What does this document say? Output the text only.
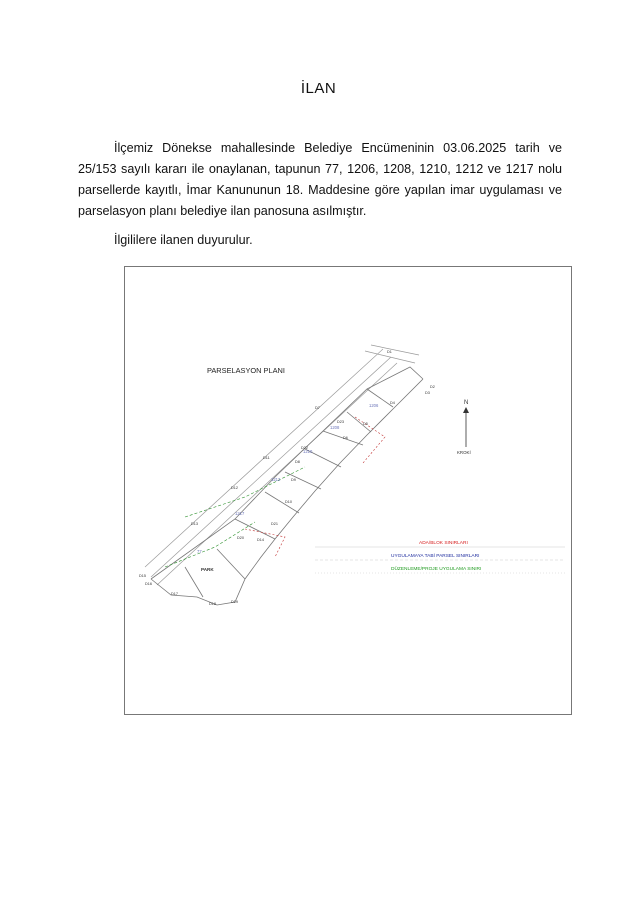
İLAN
İlçemiz Dönekse mahallesinde Belediye Encümeninin 03.06.2025 tarih ve 25/153 sayılı kararı ile onaylanan, tapunun 77, 1206, 1208, 1210, 1212 ve 1217 nolu parsellerde kayıtlı, İmar Kanununun 18. Maddesine göre yapılan imar uygulaması ve parselasyon planı belediye ilan panosuna asılmıştır.
İlgililere ilanen duyurulur.
PARSELASYON PLANI
D1
D2
D3
D4
D5
D6
D7
D8
D9
D10
D11
D12
D13
D14
D15
D16
D17
D18	D19
D20
D21
D22
D23
1206
1208
1210
1212
1217
77
PARK
N
KROKİ
ADA/BLOK SINIRLARI
UYGULAMAYA TABİ PARSEL SINIRLARI
DÜZENLEME/PROJE UYGULAMA SINIRI
